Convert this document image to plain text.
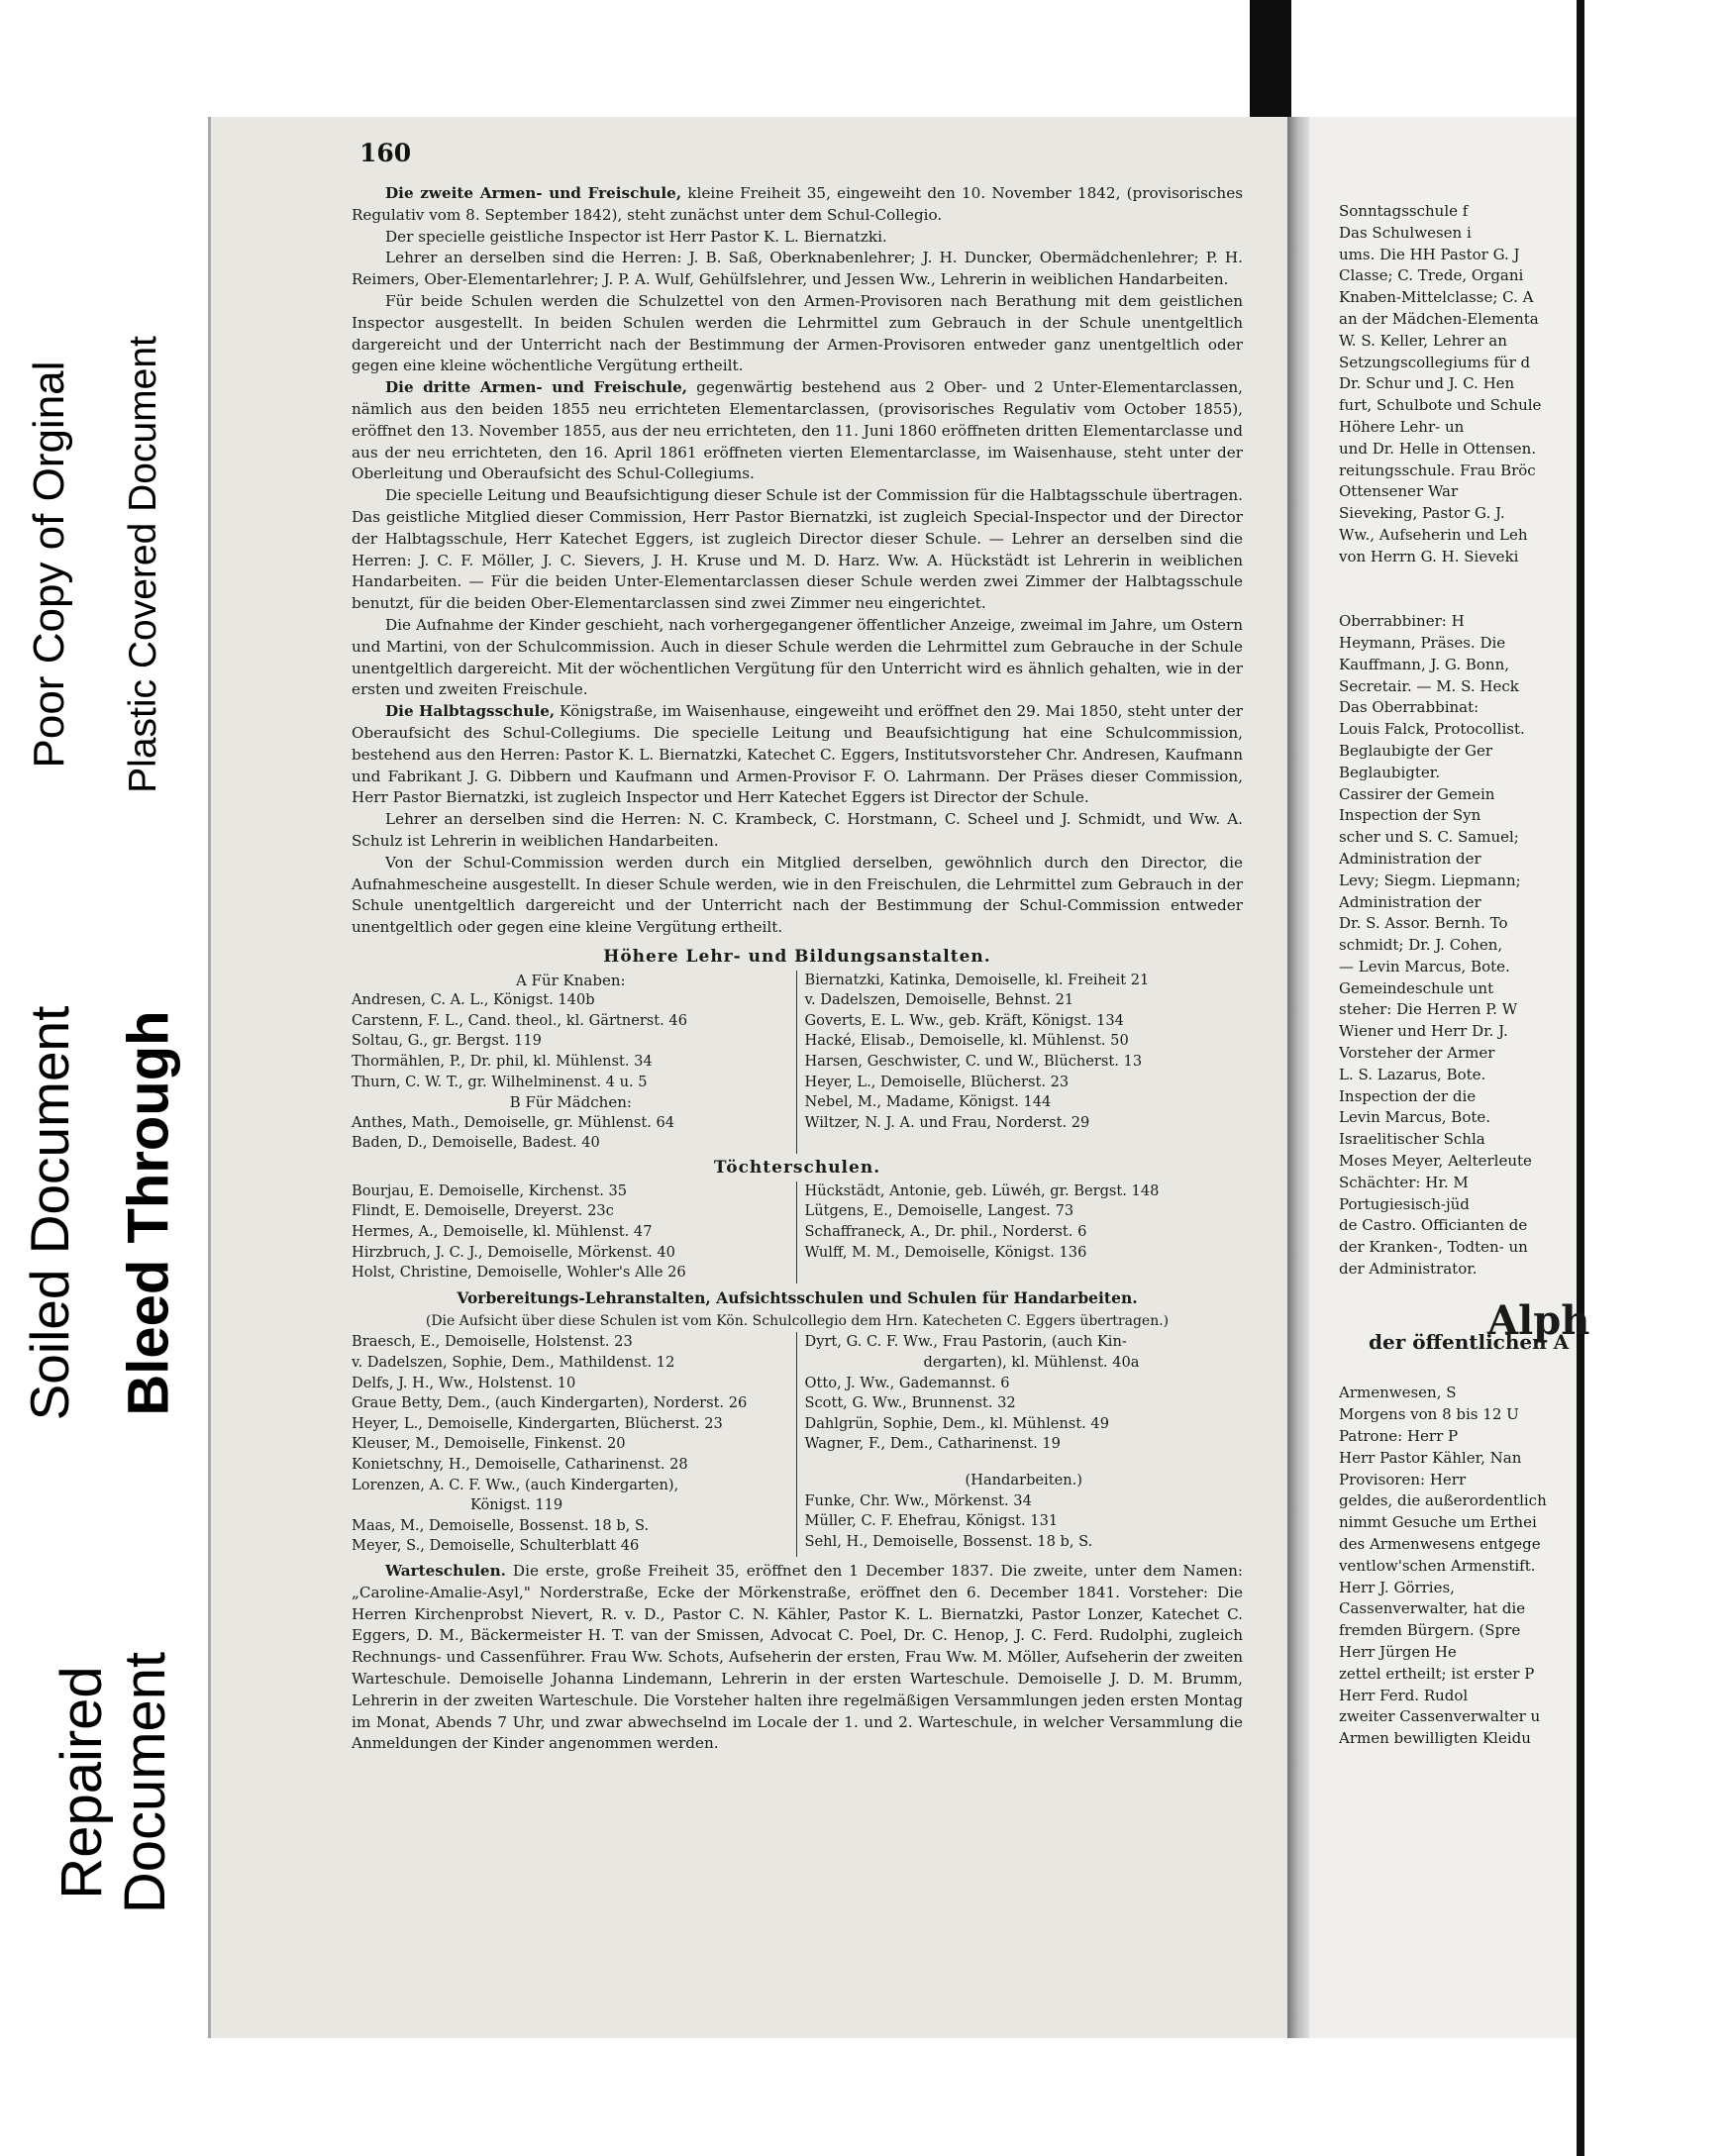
Poor Copy of Orginal Plastic Covered Document
Soiled Document Bleed Through
Repaired Document
160

Die zweite Armen- und Freischule, kleine Freiheit 35, eingeweiht den 10. November 1842, (provisorisches Regulativ vom 8. September 1842), steht zunächst unter dem Schul-Collegio.

Der specielle geistliche Inspector ist Herr Pastor K. L. Biernatzki.

Lehrer an derselben sind die Herren: J. B. Saß, Oberknabenlehrer; J. H. Duncker, Obermädchenlehrer; P. H. Reimers, Ober-Elementarlehrer; J. P. A. Wulf, Gehülfslehrer, und Jessen Ww., Lehrerin in weiblichen Handarbeiten.

Für beide Schulen werden die Schulzettel von den Armen-Provisoren nach Berathung mit dem geistlichen Inspector ausgestellt. In beiden Schulen werden die Lehrmittel zum Gebrauch in der Schule unentgeltlich dargereicht und der Unterricht nach der Bestimmung der Armen-Provisoren entweder ganz unentgeltlich oder gegen eine kleine wöchentliche Vergütung ertheilt.

Die dritte Armen- und Freischule, gegenwärtig bestehend aus 2 Ober- und 2 Unter-Elementarclassen, nämlich aus den beiden 1855 neu errichteten Elementarclassen, (provisorisches Regulativ vom October 1855), eröffnet den 13. November 1855, aus der neu errichteten, den 11. Juni 1860 eröffneten dritten Elementarclasse und aus der neu errichteten, den 16. April 1861 eröffneten vierten Elementarclasse, im Waisenhause, steht unter der Oberleitung und Oberaufsicht des Schul-Collegiums.

Die specielle Leitung und Beaufsichtigung dieser Schule ist der Commission für die Halbtagsschule übertragen. Das geistliche Mitglied dieser Commission, Herr Pastor Biernatzki, ist zugleich Special-Inspector und der Director der Halbtagsschule, Herr Katechet Eggers, ist zugleich Director dieser Schule. — Lehrer an derselben sind die Herren: J. C. F. Möller, J. C. Sievers, J. H. Kruse und M. D. Harz. Ww. A. Hückstädt ist Lehrerin in weiblichen Handarbeiten. — Für die beiden Unter-Elementarclassen dieser Schule werden zwei Zimmer der Halbtagsschule benutzt, für die beiden Ober-Elementarclassen sind zwei Zimmer neu eingerichtet.

Die Aufnahme der Kinder geschieht, nach vorhergegangener öffentlicher Anzeige, zweimal im Jahre, um Ostern und Martini, von der Schulcommission. Auch in dieser Schule werden die Lehrmittel zum Gebrauche in der Schule unentgeltlich dargereicht. Mit der wöchentlichen Vergütung für den Unterricht wird es ähnlich gehalten, wie in der ersten und zweiten Freischule.

Die Halbtagsschule, Königstraße, im Waisenhause, eingeweiht und eröffnet den 29. Mai 1850, steht unter der Oberaufsicht des Schul-Collegiums. Die specielle Leitung und Beaufsichtigung hat eine Schulcommission, bestehend aus den Herren: Pastor K. L. Biernatzki, Katechet C. Eggers, Institutsvorsteher Chr. Andresen, Kaufmann und Fabrikant J. G. Dibbern und Kaufmann und Armen-Provisor F. O. Lahrmann. Der Präses dieser Commission, Herr Pastor Biernatzki, ist zugleich Inspector und Herr Katechet Eggers ist Director der Schule.

Lehrer an derselben sind die Herren: N. C. Krambeck, C. Horstmann, C. Scheel und J. Schmidt, und Ww. A. Schulz ist Lehrerin in weiblichen Handarbeiten.

Von der Schul-Commission werden durch ein Mitglied derselben, gewöhnlich durch den Director, die Aufnahmescheine ausgestellt. In dieser Schule werden, wie in den Freischulen, die Lehrmittel zum Gebrauch in der Schule unentgeltlich dargereicht und der Unterricht nach der Bestimmung der Schul-Commission entweder unentgeltlich oder gegen eine kleine Vergütung ertheilt.

Höhere Lehr- und Bildungsanstalten.
A Für Knaben:
Andresen, C. A. L., Königst. 140b
Carstenn, F. L., Cand. theol., kl. Gärtnerst. 46
Soltau, G., gr. Bergst. 119
Thormählen, P., Dr. phil, kl. Mühlenst. 34
Thurn, C. W. T., gr. Wilhelminenst. 4 u. 5
B Für Mädchen:
Anthes, Math., Demoiselle, gr. Mühlenst. 64
Baden, D., Demoiselle, Badest. 40
Biernatzki, Katinka, Demoiselle, kl. Freiheit 21
v. Dadelszen, Demoiselle, Behnst. 21
Goverts, E. L. Ww., geb. Kräft, Königst. 134
Hacké, Elisab., Demoiselle, kl. Mühlenst. 50
Harsen, Geschwister, C. und W., Blücherst. 13
Heyer, L., Demoiselle, Blücherst. 23
Nebel, M., Madame, Königst. 144
Wiltzer, N. J. A. und Frau, Norderst. 29
Töchterschulen.
Bourjau, E. Demoiselle, Kirchenst. 35
Flindt, E. Demoiselle, Dreyerst. 23c
Hermes, A., Demoiselle, kl. Mühlenst. 47
Hirzbruch, J. C. J., Demoiselle, Mörkenst. 40
Holst, Christine, Demoiselle, Wohler's Alle 26
Hückstädt, Antonie, geb. Lüwéh, gr. Bergst. 148
Lütgens, E., Demoiselle, Langest. 73
Schaffraneck, A., Dr. phil., Norderst. 6
Wulff, M. M., Demoiselle, Königst. 136
Vorbereitungs-Lehranstalten, Aufsichtsschulen und Schulen für Handarbeiten.
(Die Aufsicht über diese Schulen ist vom Kön. Schulcollegio dem Hrn. Katecheten C. Eggers übertragen.)
Braesch, E., Demoiselle, Holstenst. 23
v. Dadelszen, Sophie, Dem., Mathildenst. 12
Delfs, J. H., Ww., Holstenst. 10
Graue Betty, Dem., (auch Kindergarten), Norderst. 26
Heyer, L., Demoiselle, Kindergarten, Blücherst. 23
Kleuser, M., Demoiselle, Finkenst. 20
Konietschny, H., Demoiselle, Catharinenst. 28
Lorenzen, A. C. F. Ww., (auch Kindergarten),
Königst. 119
Maas, M., Demoiselle, Bossenst. 18 b, S.
Meyer, S., Demoiselle, Schulterblatt 46
Dyrt, G. C. F. Ww., Frau Pastorin, (auch Kin-
dergarten), kl. Mühlenst. 40a
Otto, J. Ww., Gademannst. 6
Scott, G. Ww., Brunnenst. 32
Dahlgrün, Sophie, Dem., kl. Mühlenst. 49
Wagner, F., Dem., Catharinenst. 19
(Handarbeiten.)
Funke, Chr. Ww., Mörkenst. 34
Müller, C. F. Ehefrau, Königst. 131
Sehl, H., Demoiselle, Bossenst. 18 b, S.

Warteschulen. Die erste, große Freiheit 35, eröffnet den 1 December 1837. Die zweite, unter dem Namen: „Caroline-Amalie-Asyl," Norderstraße, Ecke der Mörkenstraße, eröffnet den 6. December 1841. Vorsteher: Die Herren Kirchenprobst Nievert, R. v. D., Pastor C. N. Kähler, Pastor K. L. Biernatzki, Pastor Lonzer, Katechet C. Eggers, D. M., Bäckermeister H. T. van der Smissen, Advocat C. Poel, Dr. C. Henop, J. C. Ferd. Rudolphi, zugleich Rechnungs- und Cassenführer. Frau Ww. Schots, Aufseherin der ersten, Frau Ww. M. Möller, Aufseherin der zweiten Warteschule. Demoiselle Johanna Lindemann, Lehrerin in der ersten Warteschule. Demoiselle J. D. M. Brumm, Lehrerin in der zweiten Warteschule. Die Vorsteher halten ihre regelmäßigen Versammlungen jeden ersten Montag im Monat, Abends 7 Uhr, und zwar abwechselnd im Locale der 1. und 2. Warteschule, in welcher Versammlung die Anmeldungen der Kinder angenommen werden.

Sonntagsschule f
Das Schulwesen i
ums. Die HH Pastor G. J
Classe; C. Trede, Organi
Knaben-Mittelclasse; C. A
an der Mädchen-Elementa
W. S. Keller, Lehrer an
Setzungscollegiums für d
Dr. Schur und J. C. Hen
furt, Schulbote und Schule
Höhere Lehr- un
und Dr. Helle in Ottensen.
reitungsschule. Frau Bröc
Ottensener War
Sieveking, Pastor G. J.
Ww., Aufseherin und Leh
von Herrn G. H. Sieveki
Oberrabbiner: H
Heymann, Präses. Die
Kauffmann, J. G. Bonn,
Secretair. — M. S. Heck
Das Oberrabbinat:
Louis Falck, Protocollist.
Beglaubigte der Ger
Beglaubigter.
Cassirer der Gemein
Inspection der Syn
scher und S. C. Samuel;
Administration der
Levy; Siegm. Liepmann;
Administration der
Dr. S. Assor. Bernh. To
schmidt; Dr. J. Cohen,
— Levin Marcus, Bote.
Gemeindeschule unt
steher: Die Herren P. W
Wiener und Herr Dr. J.
Vorsteher der Armer
L. S. Lazarus, Bote.
Inspection der die
Levin Marcus, Bote.
Israelitischer Schla
Moses Meyer, Aelterleute
Schächter: Hr. M
Portugiesisch-jüd
de Castro. Officianten de
der Kranken-, Todten- un
der Administrator.
Alph
der öffentlichen A
Armenwesen, S
Morgens von 8 bis 12 U
Patrone: Herr P
Herr Pastor Kähler, Nan
Provisoren: Herr
geldes, die außerordentlich
nimmt Gesuche um Erthei
des Armenwesens entgege
ventlow'schen Armenstift.
Herr J. Görries,
Cassenverwalter, hat die
fremden Bürgern. (Spre
Herr Jürgen He
zettel ertheilt; ist erster P
Herr Ferd. Rudol
zweiter Cassenverwalter u
Armen bewilligten Kleidu
